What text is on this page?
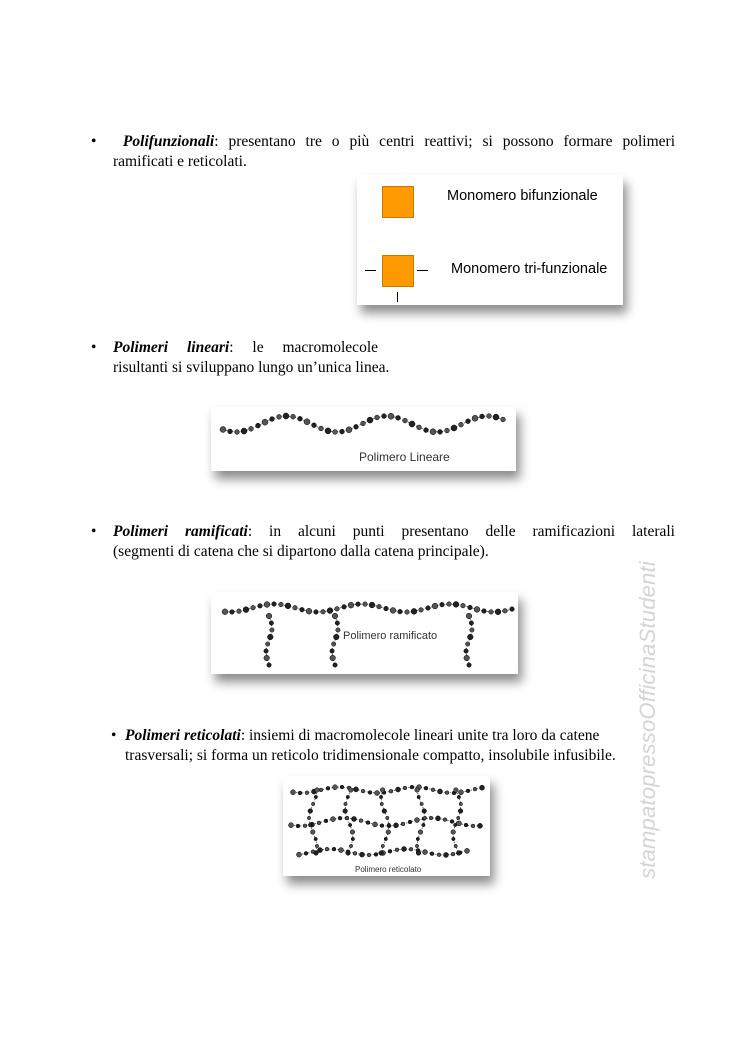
•	Polifunzionali: presentano tre o più centri reattivi; si possono formare polimeri
ramificati e reticolati.
Monomero bifunzionale
Monomero tri-funzionale
• Polimeri lineari: le macromolecole
risultanti si sviluppano lungo un’unica linea.
Polimero Lineare
• Polimeri ramificati: in alcuni punti presentano delle ramificazioni laterali
(segmenti di catena che si dipartono dalla catena principale).
Polimero ramificato
• Polimeri reticolati: insiemi di macromolecole lineari unite tra loro da catene
trasversali; si forma un reticolo tridimensionale compatto, insolubile infusibile.
Polimero reticolato	stampatopressoOfficinaStudenti
